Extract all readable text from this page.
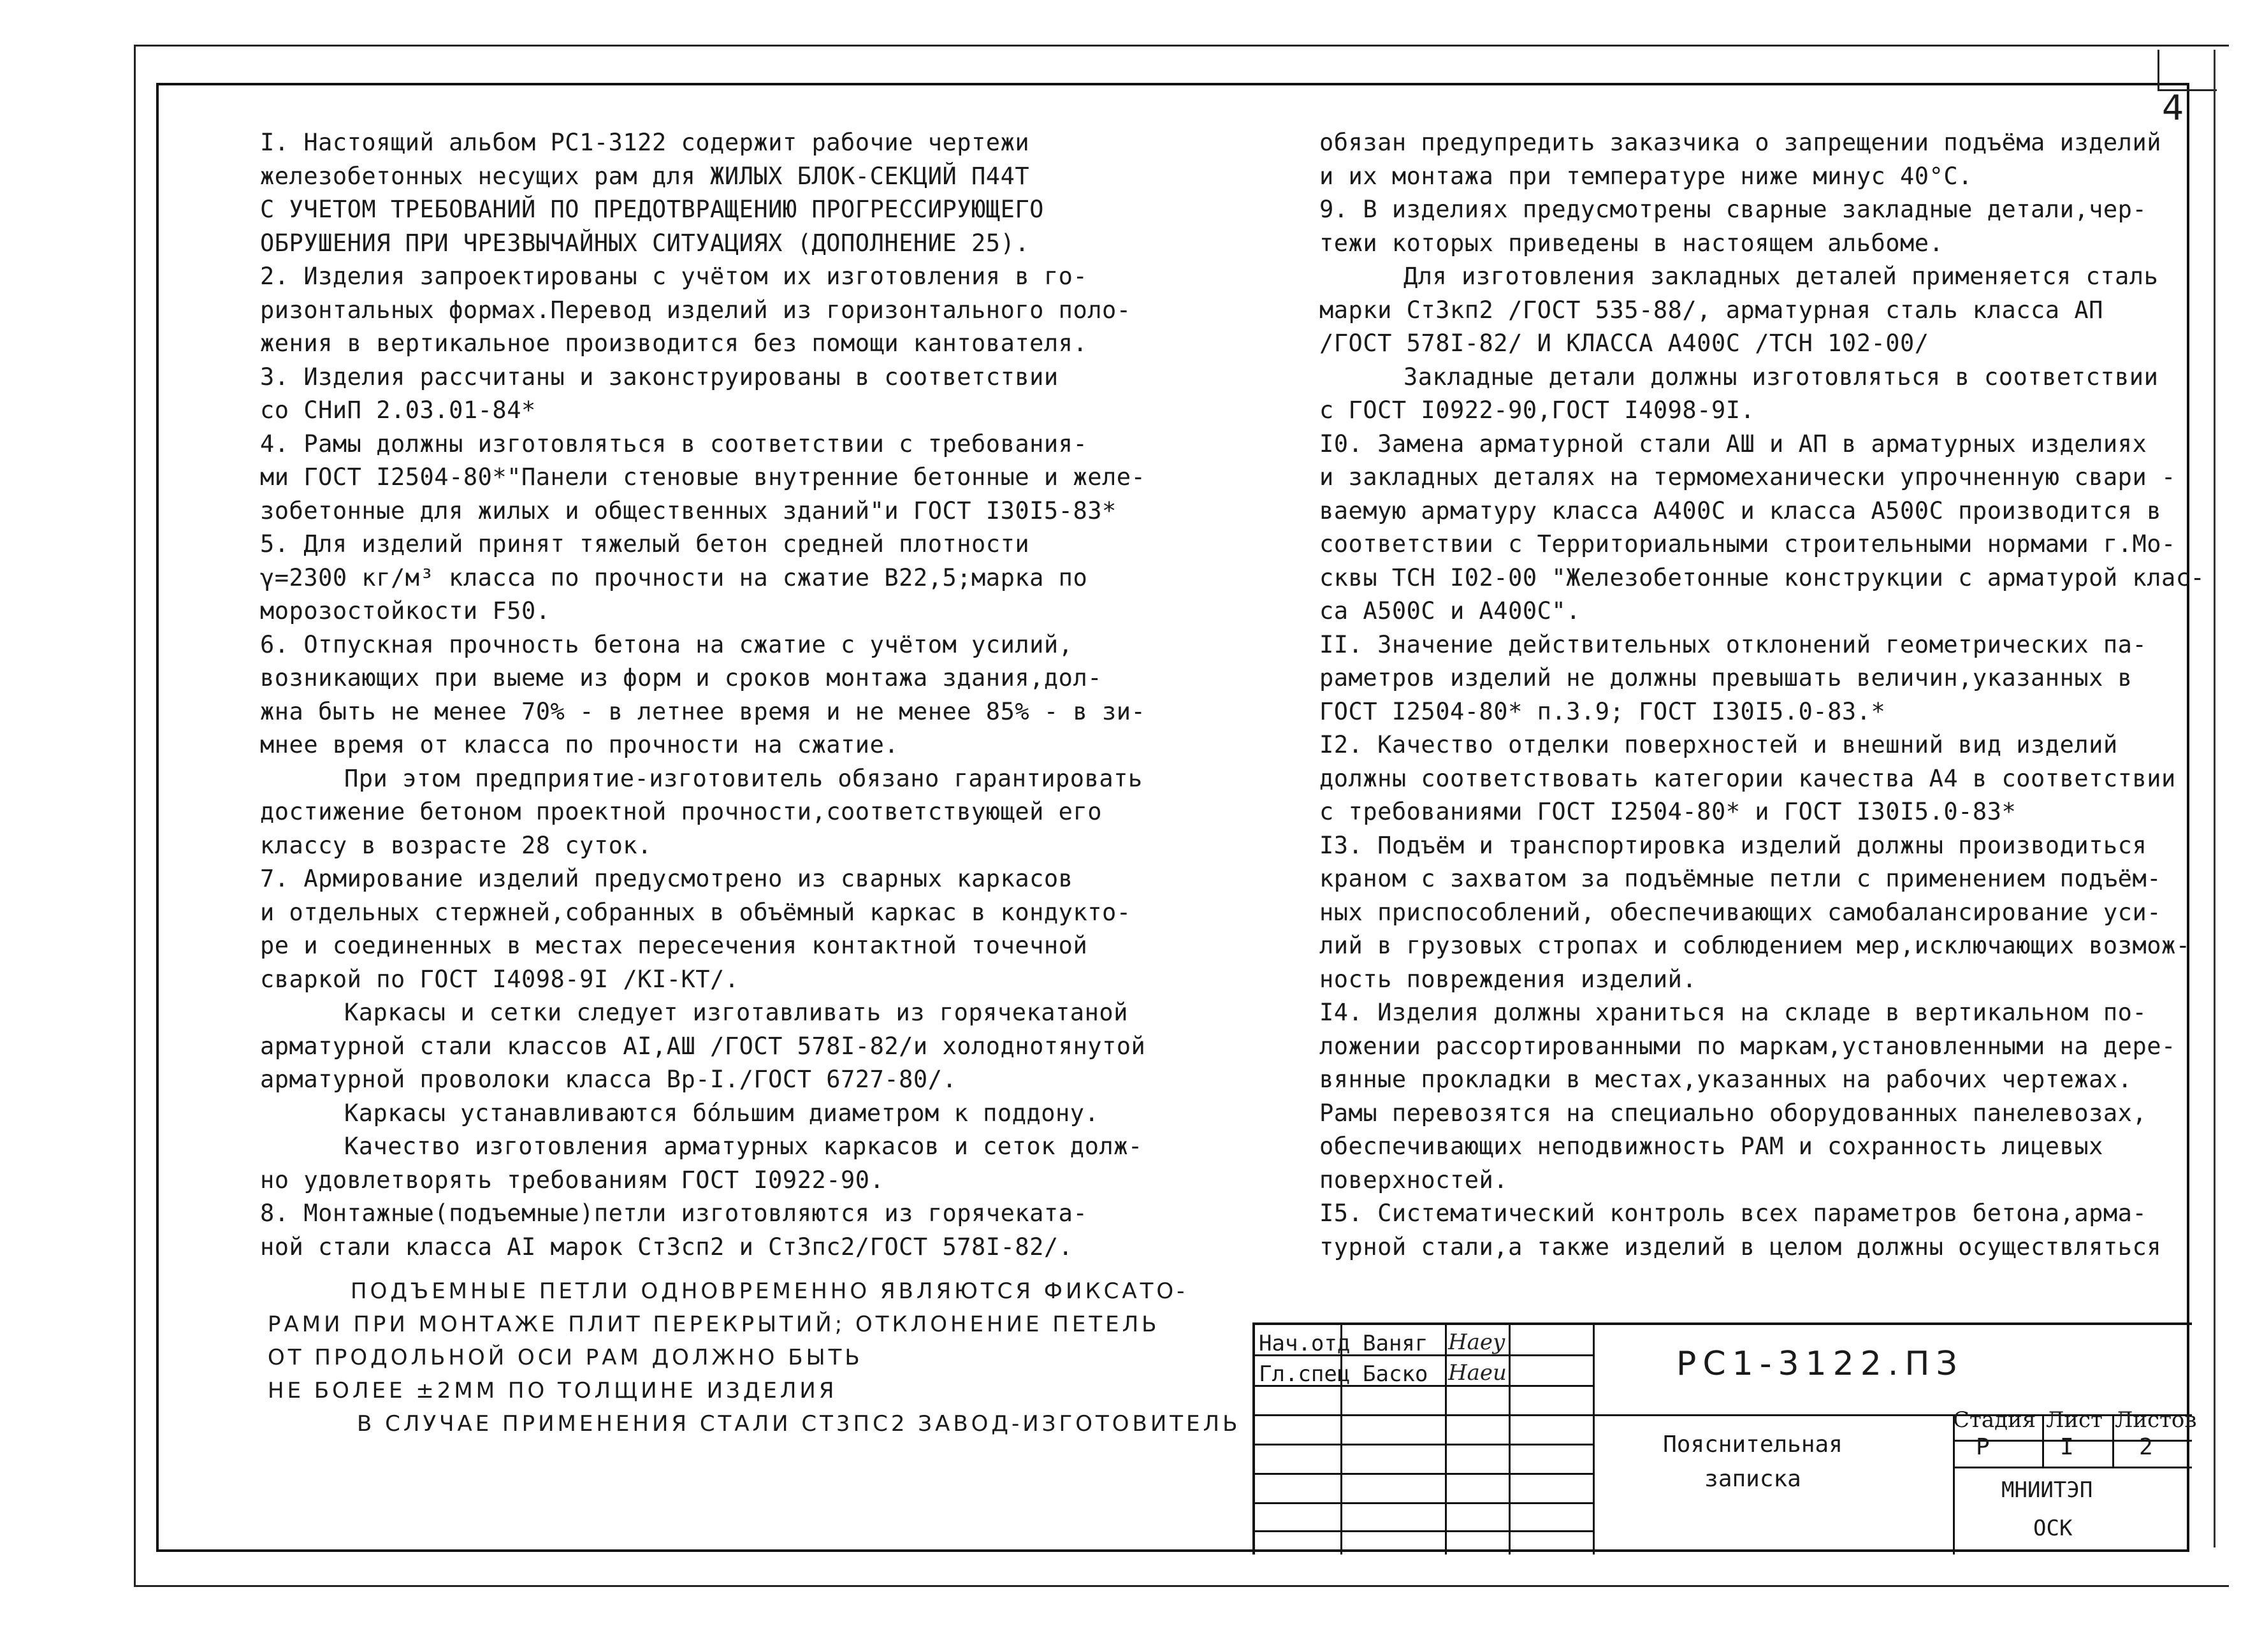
4

I. Настоящий альбом РС1-3122 содержит рабочие чертежи

железобетонных несущих рам для ЖИЛЫХ БЛОК-СЕКЦИЙ П44Т

С УЧЕТОМ ТРЕБОВАНИЙ ПО ПРЕДОТВРАЩЕНИЮ ПРОГРЕССИРУЮЩЕГО

ОБРУШЕНИЯ ПРИ ЧРЕЗВЫЧАЙНЫХ СИТУАЦИЯХ (ДОПОЛНЕНИЕ 25).

2. Изделия запроектированы с учётом их изготовления в го-

ризонтальных формах.Перевод изделий из горизонтального поло-

жения в вертикальное производится без помощи кантователя.

3. Изделия рассчитаны и законструированы в соответствии

со СНиП 2.03.01-84*

4. Рамы должны изготовляться в соответствии с требования-

ми ГОСТ I2504-80*"Панели стеновые внутренние бетонные и желе-

зобетонные для жилых и общественных зданий"и ГОСТ I30I5-83*

5. Для изделий принят тяжелый бетон средней плотности

γ=2300 кг/м³ класса по прочности на сжатие В22,5;марка по

морозостойкости F50.

6. Отпускная прочность бетона на сжатие с учётом усилий,

возникающих при выеме из форм и сроков монтажа здания,дол-

жна быть не менее 70% - в летнее время и не менее 85% - в зи-

мнее время от класса по прочности на сжатие.

При этом предприятие-изготовитель обязано гарантировать

достижение бетоном проектной прочности,соответствующей его

классу в возрасте 28 суток.

7. Армирование изделий предусмотрено из сварных каркасов

и отдельных стержней,собранных в объёмный каркас в кондукто-

ре и соединенных в местах пересечения контактной точечной

сваркой по ГОСТ I4098-9I /КI-КТ/.

Каркасы и сетки следует изготавливать из горячекатаной

арматурной стали классов АI,АШ /ГОСТ 578I-82/и холоднотянутой

арматурной проволоки класса Вр-I./ГОСТ 6727-80/.

Каркасы устанавливаются бо́льшим диаметром к поддону.

Качество изготовления арматурных каркасов и сеток долж-

но удовлетворять требованиям ГОСТ I0922-90.

8. Монтажные(подъемные)петли изготовляются из горячеката-

ной стали класса АI марок Ст3сп2 и Ст3пс2/ГОСТ 578I-82/.

обязан предупредить заказчика о запрещении подъёма изделий

и их монтажа при температуре ниже минус 40°С.

9. В изделиях предусмотрены сварные закладные детали,чер-

тежи которых приведены в настоящем альбоме.

Для изготовления закладных деталей применяется сталь

марки Ст3кп2 /ГОСТ 535-88/, арматурная сталь класса АП

/ГОСТ 578I-82/ И КЛАССА А400С /ТСН 102-00/

Закладные детали должны изготовляться в соответствии

с ГОСТ I0922-90,ГОСТ I4098-9I.

I0. Замена арматурной стали АШ и АП в арматурных изделиях

и закладных деталях на термомеханически упрочненную свари -

ваемую арматуру класса А400С и класса А500С производится в

соответствии с Территориальными строительными нормами г.Мо-

сквы ТСН I02-00 "Железобетонные конструкции с арматурой клас-

са А500С и А400С".

II. Значение действительных отклонений геометрических па-

раметров изделий не должны превышать величин,указанных в

ГОСТ I2504-80* п.3.9; ГОСТ I30I5.0-83.*

I2. Качество отделки поверхностей и внешний вид изделий

должны соответствовать категории качества А4 в соответствии

с требованиями ГОСТ I2504-80* и ГОСТ I30I5.0-83*

I3. Подъём и транспортировка изделий должны производиться

краном с захватом за подъёмные петли с применением подъём-

ных приспособлений, обеспечивающих самобалансирование уси-

лий в грузовых стропах и соблюдением мер,исключающих возмож-

ность повреждения изделий.

I4. Изделия должны храниться на складе в вертикальном по-

ложении рассортированными по маркам,установленными на дере-

вянные прокладки в местах,указанных на рабочих чертежах.

Рамы перевозятся на специально оборудованных панелевозах,

обеспечивающих неподвижность РАМ и сохранность лицевых

поверхностей.

I5. Систематический контроль всех параметров бетона,арма-

турной стали,а также изделий в целом должны осуществляться

ПОДЪЕМНЫЕ ПЕТЛИ ОДНОВРЕМЕННО ЯВЛЯЮТСЯ ФИКСАТО-

РАМИ ПРИ МОНТАЖЕ ПЛИТ ПЕРЕКРЫТИЙ; ОТКЛОНЕНИЕ ПЕТЕЛЬ

ОТ ПРОДОЛЬНОЙ ОСИ РАМ ДОЛЖНО БЫТЬ

НЕ БОЛЕЕ ±2ММ ПО ТОЛЩИНЕ ИЗДЕЛИЯ

В СЛУЧАЕ ПРИМЕНЕНИЯ СТАЛИ СТ3ПС2 ЗАВОД-ИЗГОТОВИТЕЛЬ

Нач.отд Ваняг
Гл.спец Баско
Haey
Haeu	РС1-3122.ПЗ
Пояснительная
записка
Стадия Лист Листов
Р	I	2
МНИИТЭП
ОСК
